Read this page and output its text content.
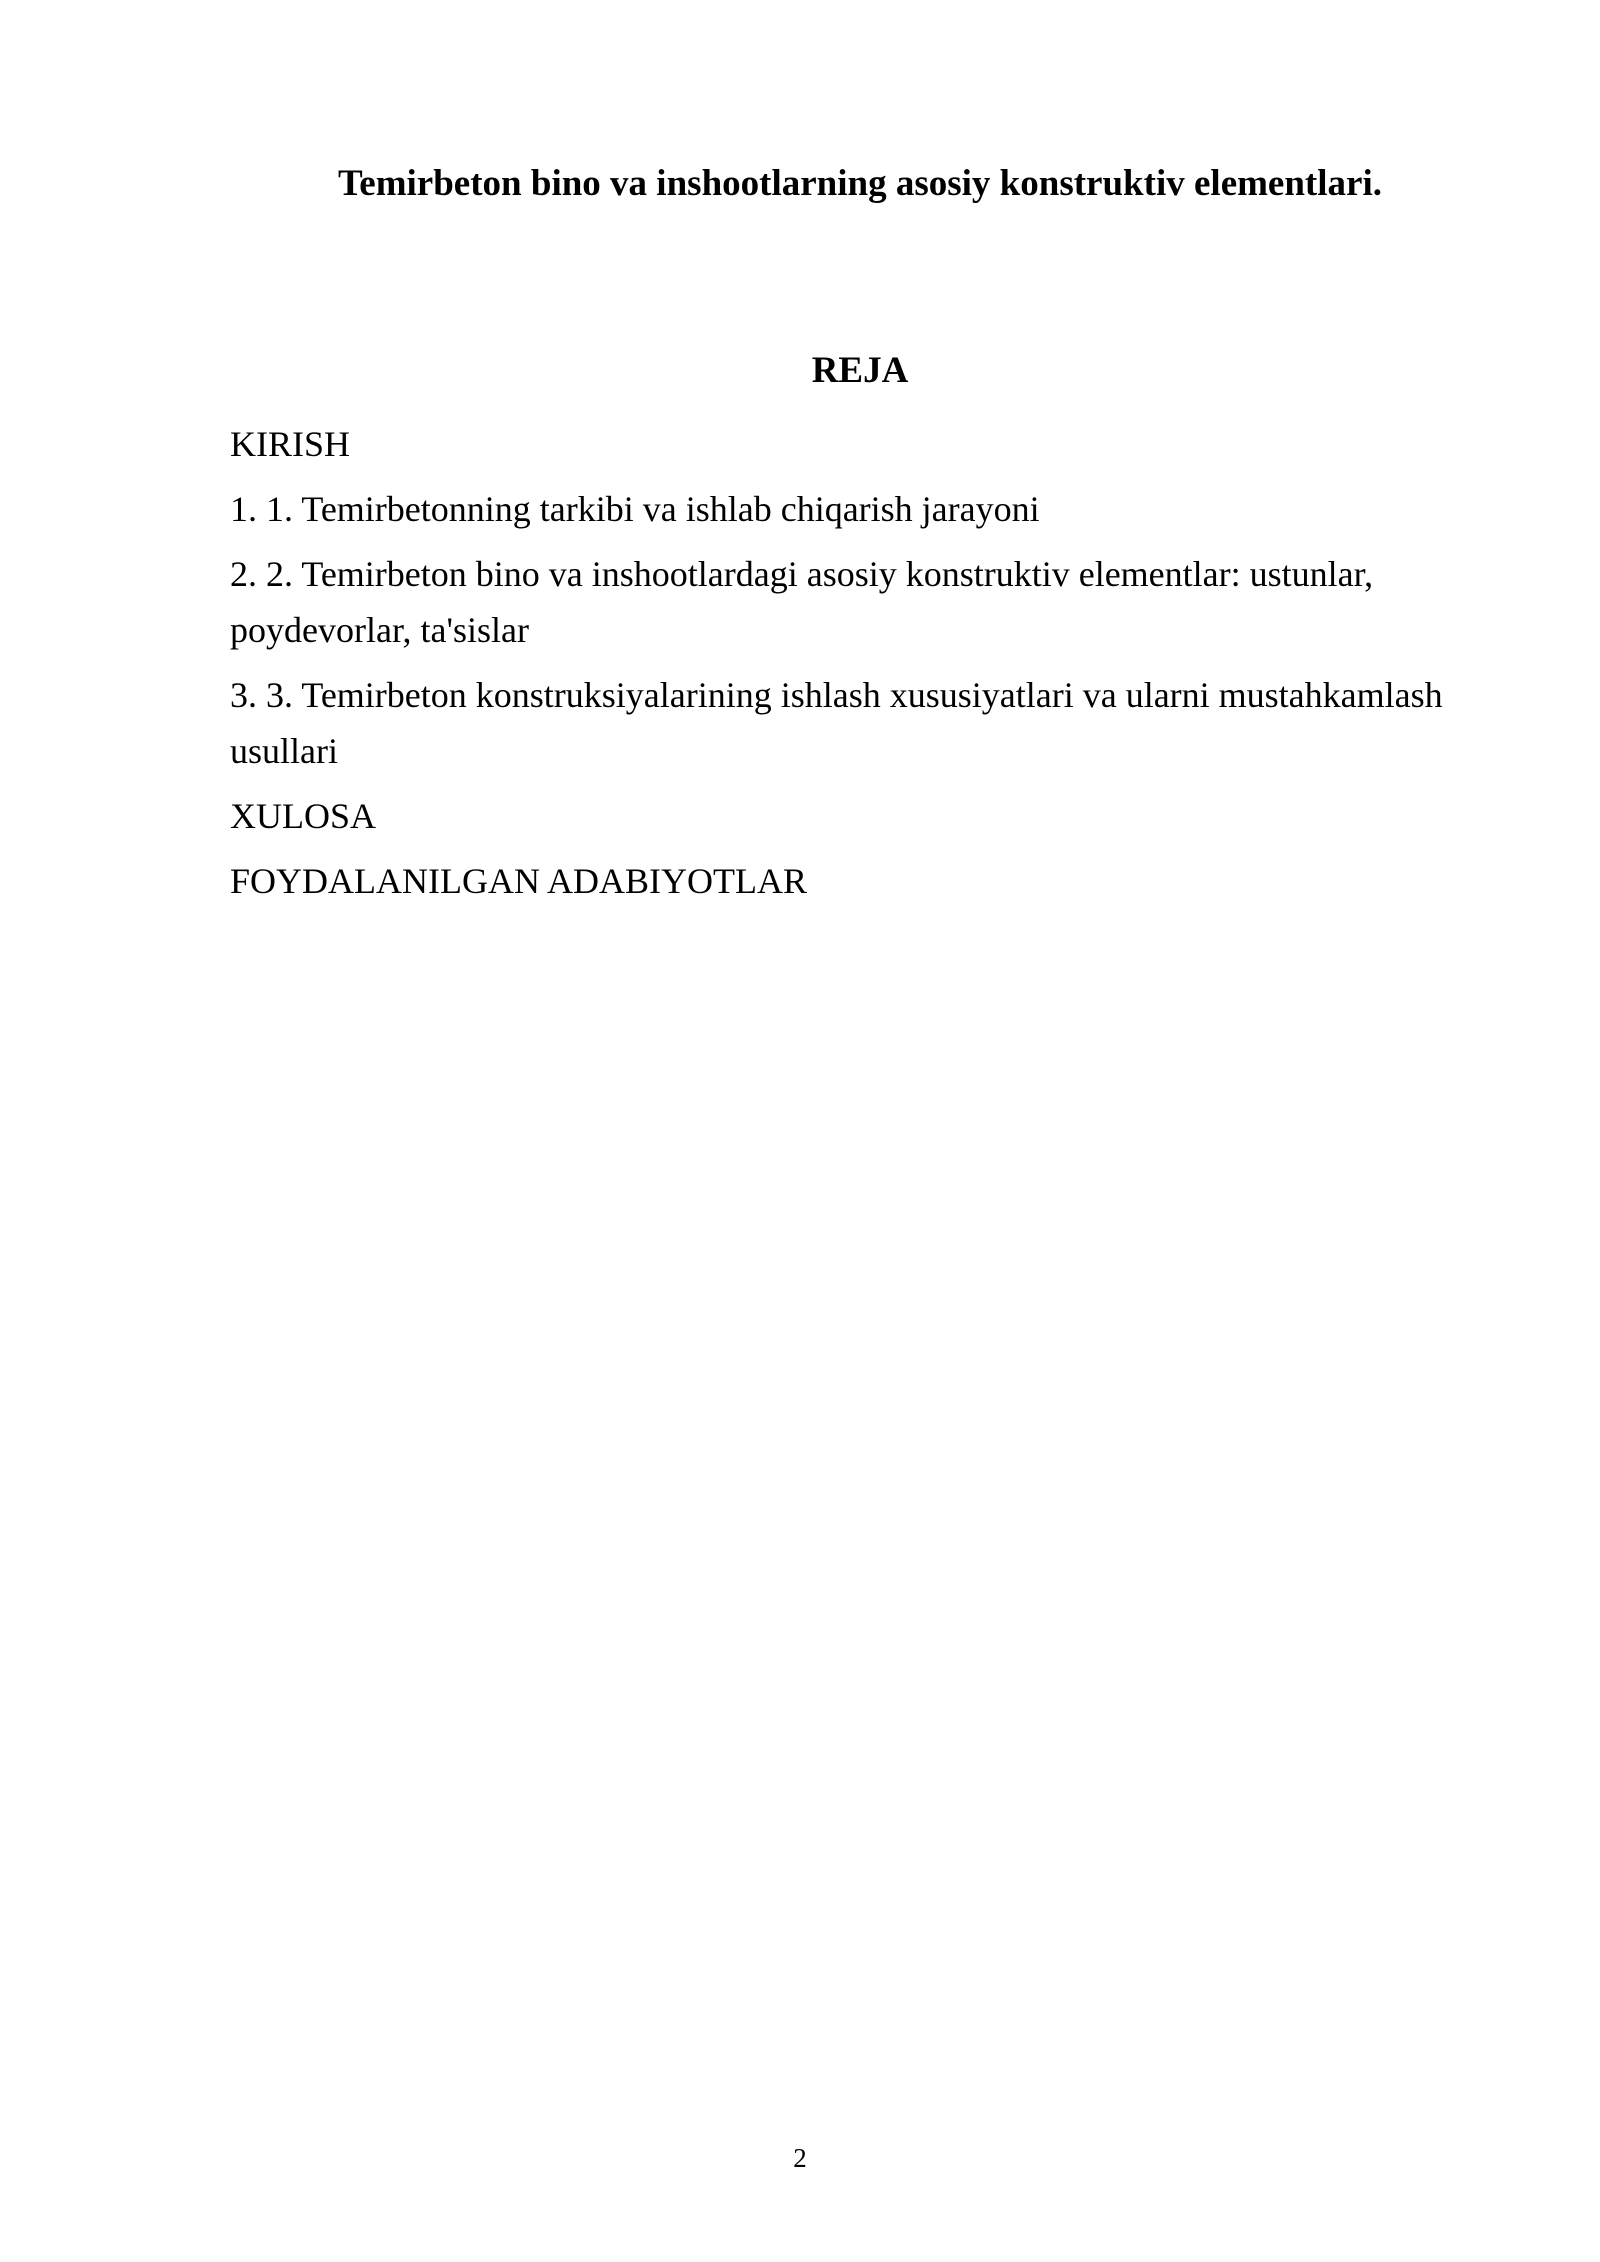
Temirbeton bino va inshootlarning asosiy konstruktiv elementlari.
REJA
KIRISH
1. 1. Temirbetonning tarkibi va ishlab chiqarish jarayoni
2. 2. Temirbeton bino va inshootlardagi asosiy konstruktiv elementlar: ustunlar, poydevorlar, ta'sislar
3. 3. Temirbeton konstruksiyalarining ishlash xususiyatlari va ularni mustahkamlash usullari
XULOSA
FOYDALANILGAN ADABIYOTLAR
2
